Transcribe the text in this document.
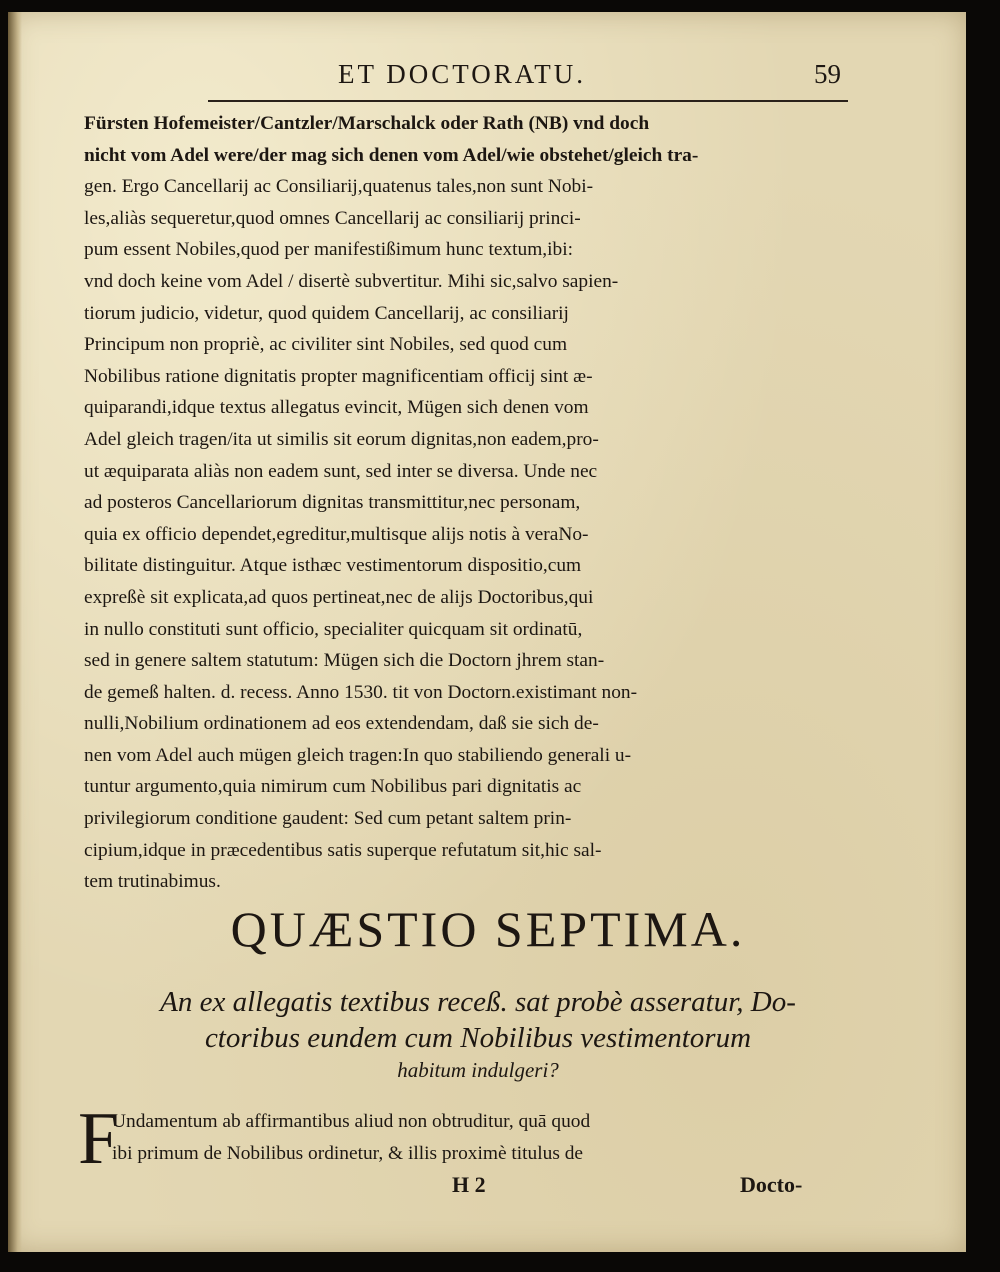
ET DOCTORATU.	59
Fürsten Hofemeister/Cantzler/Marschalck oder Rath (NB) vnd doch
nicht vom Adel were/der mag sich denen vom Adel/wie obstehet/gleich tra-
gen. Ergo Cancellarij ac Consiliarij,quatenus tales,non sunt Nobi-
les,aliàs sequeretur,quod omnes Cancellarij ac consiliarij princi-
pum essent Nobiles,quod per manifestißimum hunc textum,ibi:
vnd doch keine vom Adel / disertè subvertitur. Mihi sic,salvo sapien-
tiorum judicio, videtur, quod quidem Cancellarij, ac consiliarij
Principum non propriè, ac civiliter sint Nobiles, sed quod cum
Nobilibus ratione dignitatis propter magnificentiam officij sint æ-
quiparandi,idque textus allegatus evincit, Mügen sich denen vom
Adel gleich tragen/ita ut similis sit eorum dignitas,non eadem,pro-
ut æquiparata aliàs non eadem sunt, sed inter se diversa. Unde nec
ad posteros Cancellariorum dignitas transmittitur,nec personam,
quia ex officio dependet,egreditur,multisque alijs notis à veraNo-
bilitate distinguitur. Atque isthæc vestimentorum dispositio,cum
expreßè sit explicata,ad quos pertineat,nec de alijs Doctoribus,qui
in nullo constituti sunt officio, specialiter quicquam sit ordinatū,
sed in genere saltem statutum: Mügen sich die Doctorn jhrem stan-
de gemeß halten. d. recess. Anno 1530. tit von Doctorn.existimant non-
nulli,Nobilium ordinationem ad eos extendendam, daß sie sich de-
nen vom Adel auch mügen gleich tragen:In quo stabiliendo generali u-
tuntur argumento,quia nimirum cum Nobilibus pari dignitatis ac
privilegiorum conditione gaudent: Sed cum petant saltem prin-
cipium,idque in præcedentibus satis superque refutatum sit,hic sal-
tem trutinabimus.
QUÆSTIO SEPTIMA.
An ex allegatis textibus receß. sat probè asseratur, Do-
ctoribus eundem cum Nobilibus vestimentorum
habitum indulgeri?
F
Undamentum ab affirmantibus aliud non obtruditur, quā quod
ibi primum de Nobilibus ordinetur, & illis proximè titulus de
H 2	Docto-
